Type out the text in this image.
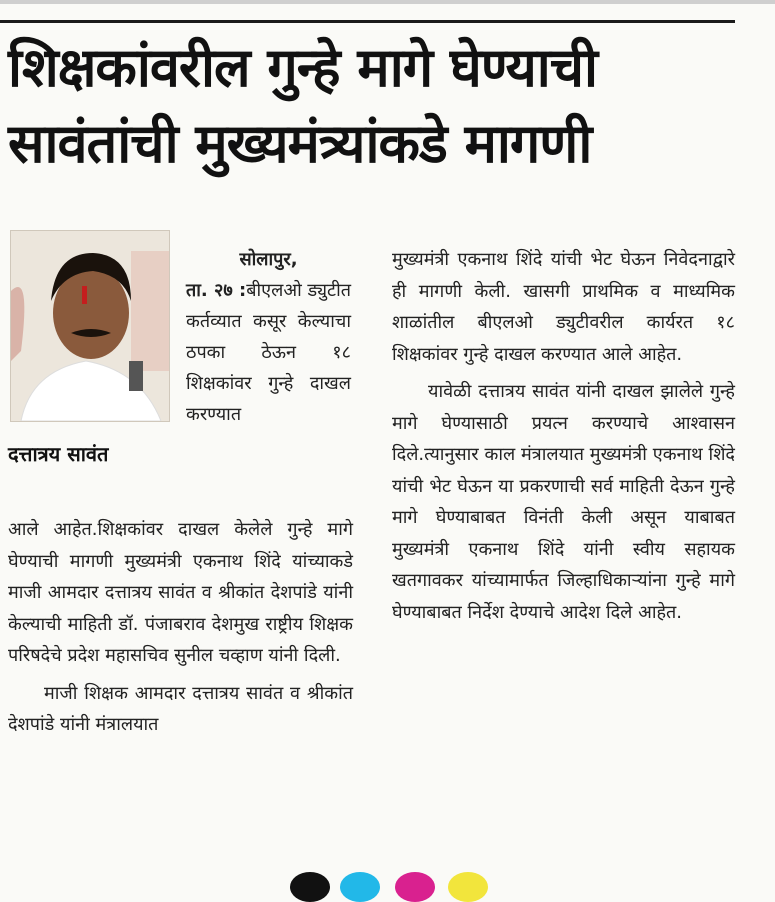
शिक्षकांवरील गुन्हे मागे घेण्याची
सावंतांची मुख्यमंत्र्यांकडे मागणी
दत्तात्रय सावंत

सोलापुर,

ता. २७ :बीएलओ ड्युटीत कर्तव्यात कसूर केल्याचा ठपका ठेऊन १८ शिक्षकांवर गुन्हे दाखल करण्यात

आले आहेत.शिक्षकांवर दाखल केलेले गुन्हे मागे घेण्याची मागणी मुख्यमंत्री एकनाथ शिंदे यांच्याकडे माजी आमदार दत्तात्रय सावंत व श्रीकांत देशपांडे यांनी केल्याची माहिती डॉ. पंजाबराव देशमुख राष्ट्रीय शिक्षक परिषदेचे प्रदेश महासचिव सुनील चव्हाण यांनी दिली.

माजी शिक्षक आमदार दत्तात्रय सावंत व श्रीकांत देशपांडे यांनी मंत्रालयात

मुख्यमंत्री एकनाथ शिंदे यांची भेट घेऊन निवेदनाद्वारे ही मागणी केली. खासगी प्राथमिक व माध्यमिक शाळांतील बीएलओ ड्युटीवरील कार्यरत १८ शिक्षकांवर गुन्हे दाखल करण्यात आले आहेत.

यावेळी दत्तात्रय सावंत यांनी दाखल झालेले गुन्हे मागे घेण्यासाठी प्रयत्न करण्याचे आश्वासन दिले.त्यानुसार काल मंत्रालयात मुख्यमंत्री एकनाथ शिंदे यांची भेट घेऊन या प्रकरणाची सर्व माहिती देऊन गुन्हे मागे घेण्याबाबत विनंती केली असून याबाबत मुख्यमंत्री एकनाथ शिंदे यांनी स्वीय सहायक खतगावकर यांच्यामार्फत जिल्हाधिकाऱ्यांना गुन्हे मागे घेण्याबाबत निर्देश देण्याचे आदेश दिले आहेत.
